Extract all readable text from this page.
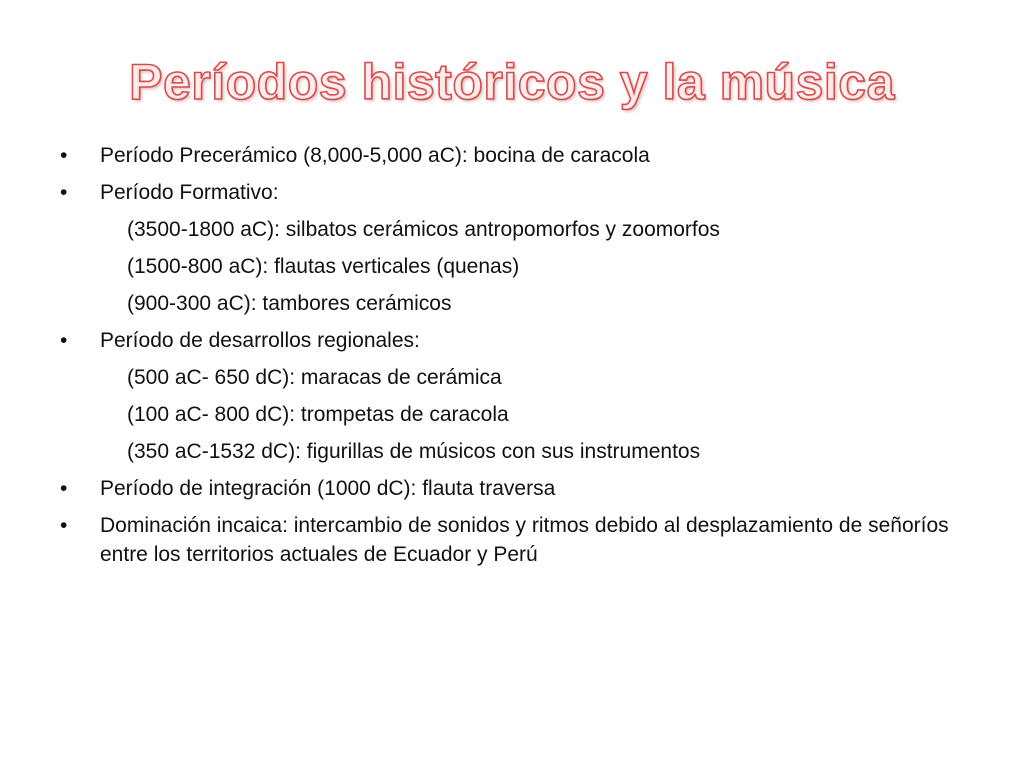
Períodos históricos y la música
• Período Precerámico (8,000-5,000 aC): bocina de caracola
• Período Formativo:
(3500-1800 aC): silbatos cerámicos antropomorfos y zoomorfos
(1500-800 aC): flautas verticales (quenas)
(900-300 aC): tambores cerámicos
• Período de desarrollos regionales:
(500 aC- 650 dC): maracas de cerámica
(100 aC- 800 dC): trompetas de caracola
(350 aC-1532 dC): figurillas de músicos con sus instrumentos
• Período de integración (1000 dC): flauta traversa
• Dominación incaica: intercambio de sonidos y ritmos debido al desplazamiento de señoríos entre los territorios actuales de Ecuador y Perú
